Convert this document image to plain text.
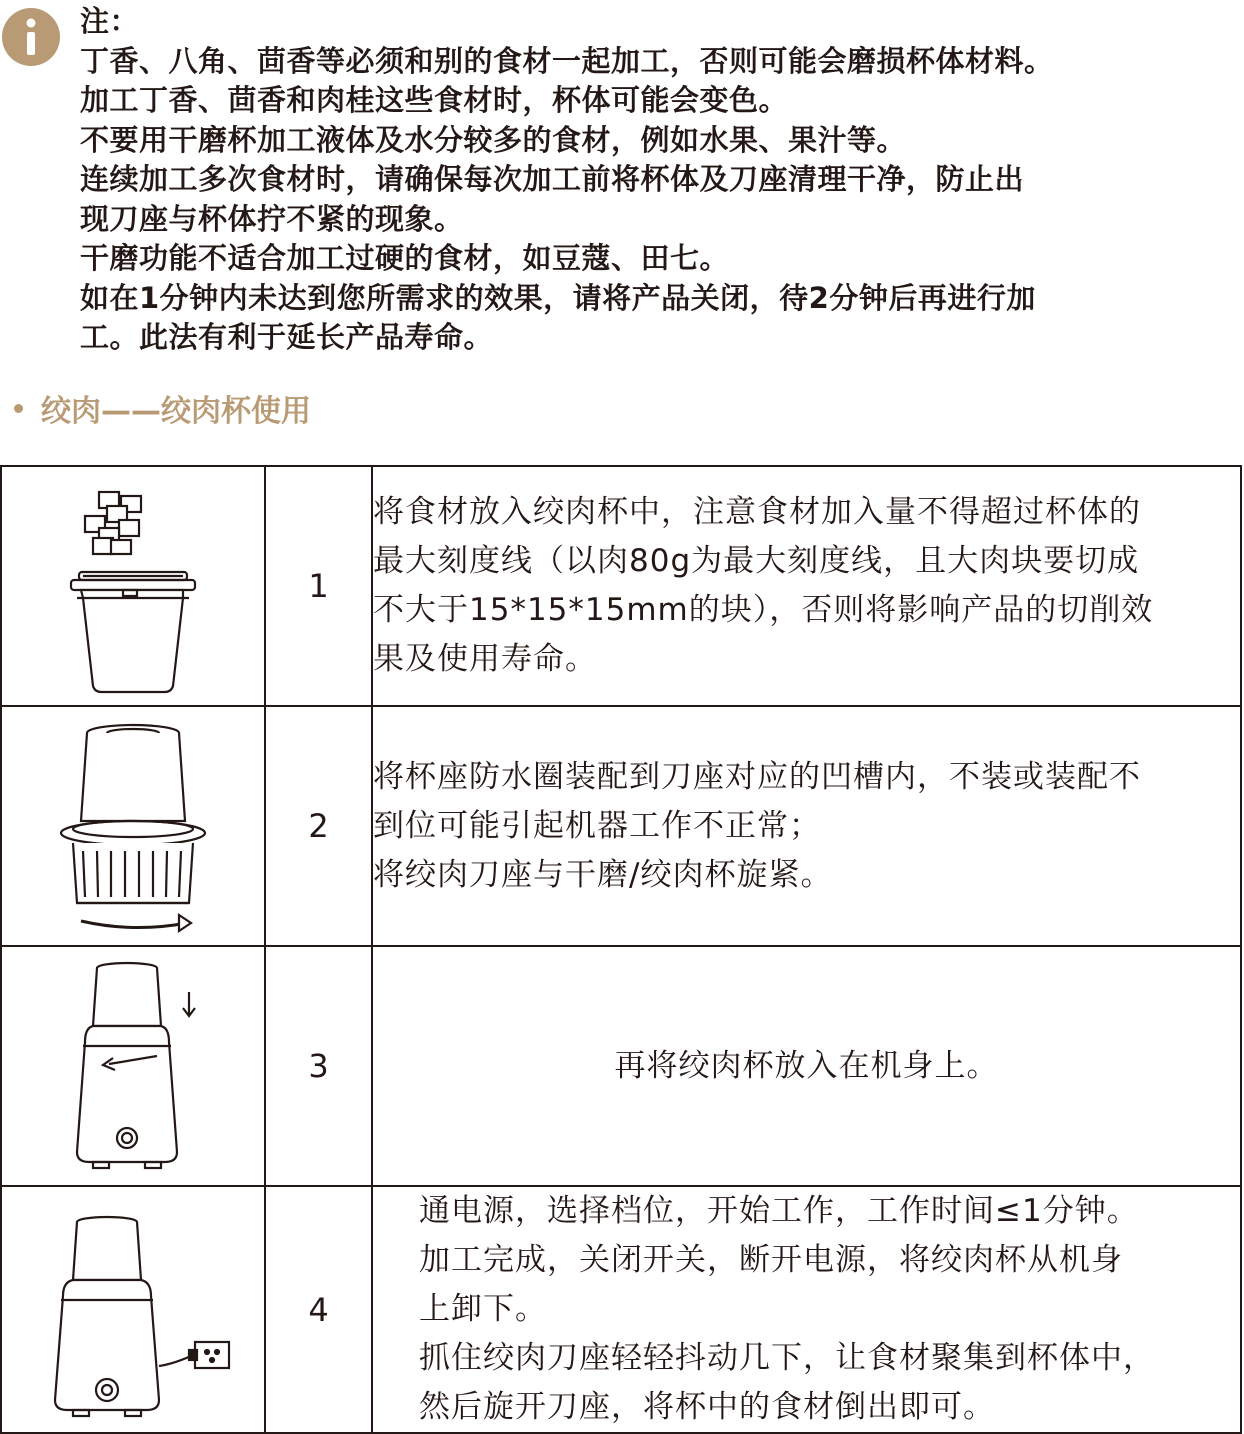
注：
丁香、八角、茴香等必须和别的食材一起加工，否则可能会磨损杯体材料。
加工丁香、茴香和肉桂这些食材时，杯体可能会变色。
不要用干磨杯加工液体及水分较多的食材，例如水果、果汁等。
连续加工多次食材时，请确保每次加工前将杯体及刀座清理干净，防止出
现刀座与杯体拧不紧的现象。
干磨功能不适合加工过硬的食材，如豆蔻、田七。
如在1分钟内未达到您所需求的效果，请将产品关闭，待2分钟后再进行加
工。此法有利于延长产品寿命。
绞肉——绞肉杯使用
	1	将食材放入绞肉杯中，注意食材加入量不得超过杯体的
最大刻度线（以肉80g为最大刻度线，且大肉块要切成
不大于15*15*15mm的块），否则将影响产品的切削效
果及使用寿命。

	2	将杯座防水圈装配到刀座对应的凹槽内，不装或装配不
到位可能引起机器工作不正常；
将绞肉刀座与干磨/绞肉杯旋紧。

	3	再将绞肉杯放入在机身上。

	4	通电源，选择档位，开始工作，工作时间≤1分钟。
加工完成，关闭开关，断开电源，将绞肉杯从机身
上卸下。
抓住绞肉刀座轻轻抖动几下，让食材聚集到杯体中，
然后旋开刀座，将杯中的食材倒出即可。
